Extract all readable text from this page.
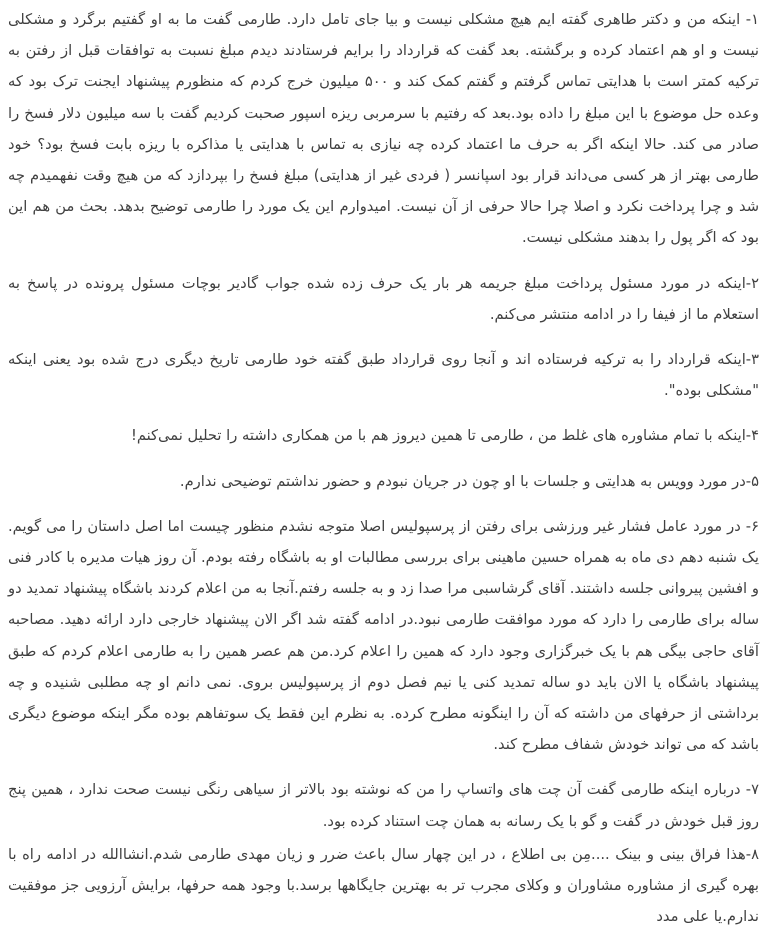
۱- اینکه من و دکتر طاهری گفته ایم هیچ مشکلی نیست و بیا جای تامل دارد. طارمی گفت ما به او گفتیم برگرد و مشکلی نیست و او هم اعتماد کرده و برگشته. بعد گفت که قرارداد را برایم فرستادند دیدم مبلغ نسبت به توافقات قبل از رفتن به ترکیه کمتر است با هدایتی تماس گرفتم و گفتم کمک کند و ۵۰۰ میلیون خرج کردم که منظورم پیشنهاد ایجنت ترک بود که وعده حل موضوع با این مبلغ را داده بود.بعد که رفتیم با سرمربی ریزه اسپور صحبت کردیم گفت با سه میلیون دلار فسخ را صادر می کند. حالا اینکه اگر به حرف ما اعتماد کرده چه نیازی به تماس با هدایتی یا مذاکره با ریزه بابت فسخ بود؟ خود طارمی بهتر از هر کسی می‌داند قرار بود اسپانسر ( فردی غیر از هدایتی) مبلغ فسخ را بپردازد که من هیچ وقت نفهمیدم چه شد و چرا پرداخت نکرد و اصلا چرا حالا حرفی از آن نیست. امیدوارم این یک مورد را طارمی توضیح بدهد. بحث من هم این بود که اگر پول را بدهند مشکلی نیست.

۲-اینکه در مورد مسئول پرداخت مبلغ جریمه هر بار یک حرف زده شده جواب گادیر بوچات مسئول پرونده در پاسخ به استعلام ما از فیفا را در ادامه منتشر می‌کنم.

۳-اینکه قرارداد را به ترکیه فرستاده اند و آنجا روی قرارداد طبق گفته خود طارمی تاریخ دیگری درج شده بود یعنی اینکه "مشکلی بوده".

۴-اینکه با تمام مشاوره های غلط من ، طارمی تا همین دیروز هم با من همکاری داشته را تحلیل نمی‌کنم!

۵-در مورد وویس به هدایتی و جلسات با او چون در جریان نبودم و حضور نداشتم توضیحی ندارم.

۶- در مورد عامل فشار غیر ورزشی برای رفتن از پرسپولیس اصلا متوجه نشدم منظور چیست اما اصل داستان را می گویم. یک شنبه دهم دی ماه به همراه حسین ماهینی برای بررسی مطالبات او به باشگاه رفته بودم. آن روز هیات مدیره با کادر فنی و افشین پیروانی جلسه داشتند. آقای گرشاسبی مرا صدا زد و به جلسه رفتم.آنجا به من اعلام کردند باشگاه پیشنهاد تمدید دو ساله برای طارمی را دارد که مورد موافقت طارمی نبود.در ادامه گفته شد اگر الان پیشنهاد خارجی دارد ارائه دهید. مصاحبه آقای حاجی بیگی هم با یک خبرگزاری وجود دارد که همین را اعلام کرد.من هم عصر همین را به طارمی اعلام کردم که طبق پیشنهاد باشگاه یا الان باید دو ساله تمدید کنی یا نیم فصل دوم از پرسپولیس بروی. نمی دانم او چه مطلبی شنیده و چه برداشتی از حرفهای من داشته که آن را اینگونه مطرح کرده. به نظرم این فقط یک سوتفاهم بوده مگر اینکه موضوع دیگری باشد که می تواند خودش شفاف مطرح کند.

۷- درباره اینکه طارمی گفت آن چت های واتساپ را من که نوشته بود بالاتر از سیاهی رنگی نیست صحت ندارد ، همین پنج روز قبل خودش در گفت و گو با یک رسانه به همان چت استناد کرده بود.

۸-هذا فراق بینی و بینک ....مِن بی اطلاع ، در این چهار سال باعث ضرر و زیان مهدی طارمی شدم.انشاالله در ادامه راه با بهره گیری از مشاوره مشاوران و وکلای مجرب تر به بهترین جایگاهها برسد.با وجود همه حرفها، برایش آرزویی جز موفقیت ندارم.یا علی مدد
